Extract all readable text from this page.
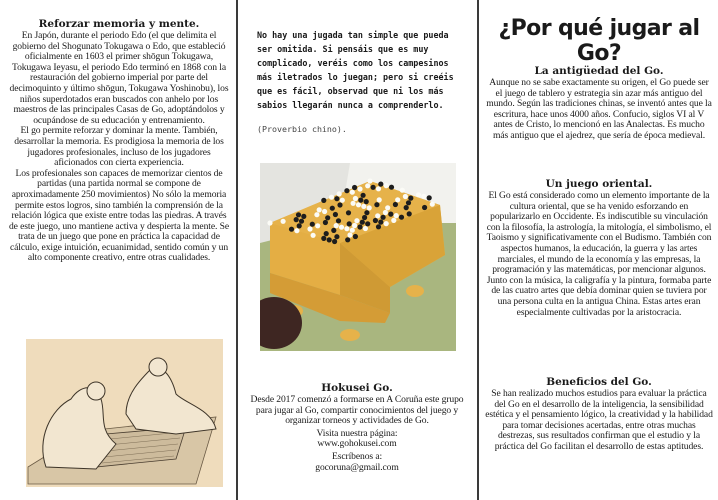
Reforzar memoria y mente.

En Japón, durante el periodo Edo (el que delimita el gobierno del Shogunato Tokugawa o Edo, que estableció oficialmente en 1603 el primer shōgun Tokugawa, Tokugawa Ieyasu, el periodo Edo terminó en 1868 con la restauración del gobierno imperial por parte del decimoquinto y último shōgun, Tokugawa Yoshinobu), los niños superdotados eran buscados con anhelo por los maestros de las principales Casas de Go, adoptándolos y ocupándose de su educación y entrenamiento.

El go permite reforzar y dominar la mente. También, desarrollar la memoria. Es prodigiosa la memoria de los jugadores profesionales, incluso de los jugadores aficionados con cierta experiencia.

Los profesionales son capaces de memorizar cientos de partidas (una partida normal se compone de aproximadamente 250 movimientos) No sólo la memoria permite estos logros, sino también la comprensión de la relación lógica que existe entre todas las piedras. A través de este juego, uno mantiene activa y despierta la mente. Se trata de un juego que pone en práctica la capacidad de cálculo, exige intuición, ecuanimidad, sentido común y un alto componente creativo, entre otras cualidades.

No hay una jugada tan simple que pueda ser omitida. Si pensáis que es muy complicado, veréis como los campesinos más iletrados lo juegan; pero si creéis que es fácil, observad que ni los más sabios llegarán nunca a comprenderlo.

(Proverbio chino).

Hokusei Go.

Desde 2017 comenzó a formarse en A Coruña este grupo para jugar al Go, compartir conocimientos del juego y organizar torneos y actividades de Go.

Visita nuestra página:

www.gohokusei.com

Escríbenos a:

gocoruna@gmail.com

¿Por qué jugar al Go?
La antigüedad del Go.

Aunque no se sabe exactamente su origen, el Go puede ser el juego de tablero y estrategia sin azar más antiguo del mundo. Según las tradiciones chinas, se inventó antes que la escritura, hace unos 4000 años. Confucio, siglos VI al V antes de Cristo, lo mencionó en las Analectas. Es mucho más antiguo que el ajedrez, que sería de época medieval.

Un juego oriental.

El Go está considerado como un elemento importante de la cultura oriental, que se ha venido esforzando en popularizarlo en Occidente. Es indiscutible su vinculación con la filosofía, la astrología, la mitología, el simbolismo, el Taoismo y significativamente con el Budismo. También con aspectos humanos, la educación, la guerra y las artes marciales, el mundo de la economía y las empresas, la programación y las matemáticas, por mencionar algunos.

Junto con la música, la caligrafía y la pintura, formaba parte de las cuatro artes que debía dominar quien se tuviera por una persona culta en la antigua China. Estas artes eran especialmente cultivadas por la aristocracia.

Beneficios del Go.

Se han realizado muchos estudios para evaluar la práctica del Go en el desarrollo de la inteligencia, la sensibilidad estética y el pensamiento lógico, la creatividad y la habilidad para tomar decisiones acertadas, entre otras muchas destrezas, sus resultados confirman que el estudio y la práctica del Go facilitan el desarrollo de estas aptitudes.
